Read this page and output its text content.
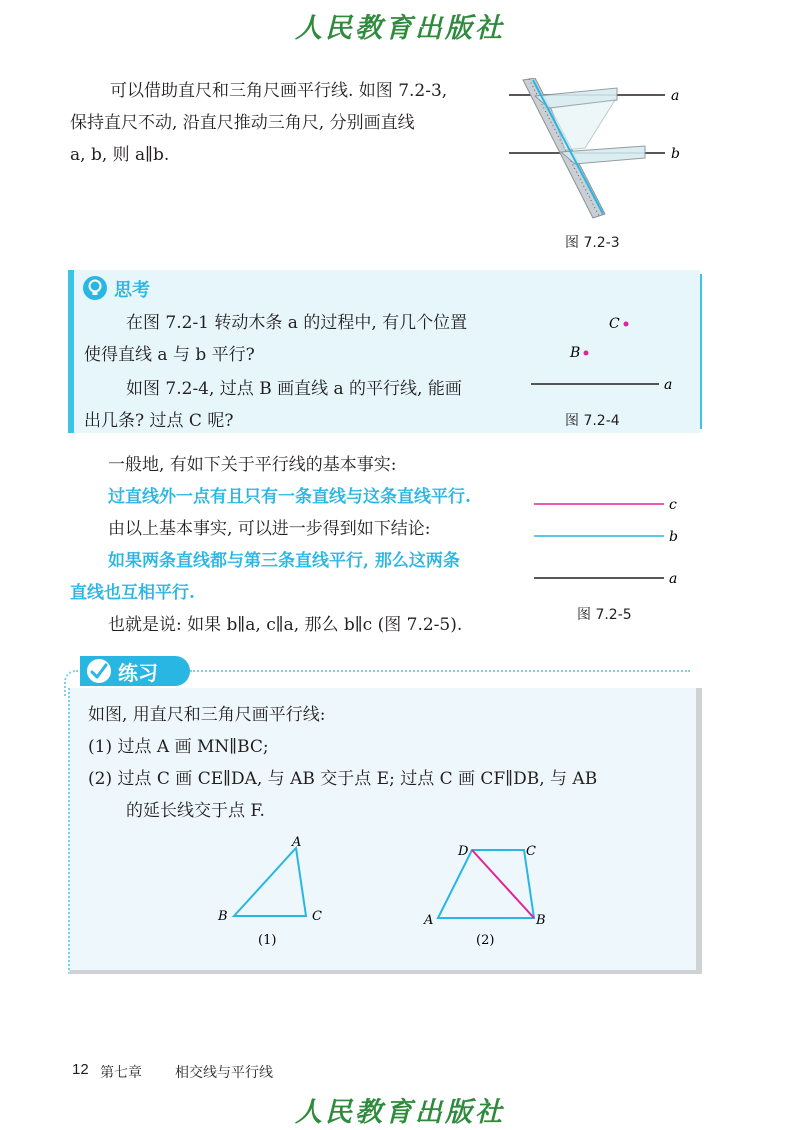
人民教育出版社
可以借助直尺和三角尺画平行线. 如图 7.2-3,
保持直尺不动, 沿直尺推动三角尺, 分别画直线
a, b, 则 a∥b.
a
b
图 7.2-3
思考
在图 7.2-1 转动木条 a 的过程中, 有几个位置
使得直线 a 与 b 平行?
如图 7.2-4, 过点 B 画直线 a 的平行线, 能画
出几条? 过点 C 呢?
C
B
a
图 7.2-4
一般地, 有如下关于平行线的基本事实:
过直线外一点有且只有一条直线与这条直线平行.
由以上基本事实, 可以进一步得到如下结论:
如果两条直线都与第三条直线平行, 那么这两条
直线也互相平行.
也就是说: 如果 b∥a, c∥a, 那么 b∥c (图 7.2-5).
c
b
a
图 7.2-5
练习
如图, 用直尺和三角尺画平行线:
(1) 过点 A 画 MN∥BC;
(2) 过点 C 画 CE∥DA, 与 AB 交于点 E; 过点 C 画 CF∥DB, 与 AB
的延长线交于点 F.
A
B	C
(1)
D	C
A	B
(2)
12 第七章 相交线与平行线
人民教育出版社
